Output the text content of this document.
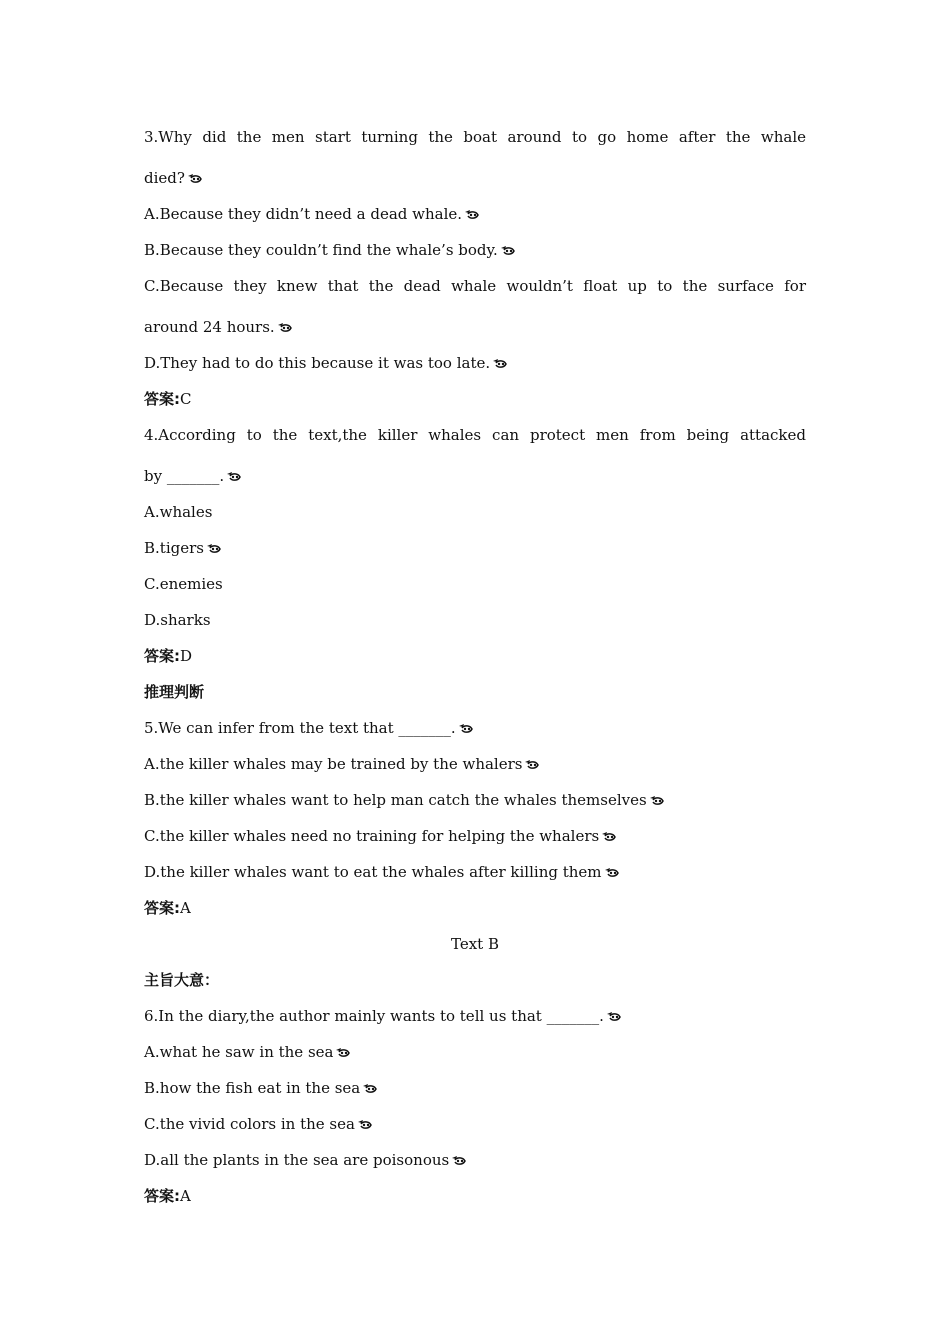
3.Why did the men start turning the boat around to go home after the whale
died?
A.Because they didn’t need a dead whale.
B.Because they couldn’t find the whale’s body.
C.Because they knew that the dead whale wouldn’t float up to the surface for
around 24 hours.
D.They had to do this because it was too late.
答案:C
4.According to the text,the killer whales can protect men from being attacked
by _______.
A.whales
B.tigers
C.enemies
D.sharks
答案:D
推理判断
5.We can infer from the text that _______.
A.the killer whales may be trained by the whalers
B.the killer whales want to help man catch the whales themselves
C.the killer whales need no training for helping the whalers
D.the killer whales want to eat the whales after killing them
答案:A
Text B
主旨大意：
6.In the diary,the author mainly wants to tell us that _______.
A.what he saw in the sea
B.how the fish eat in the sea
C.the vivid colors in the sea
D.all the plants in the sea are poisonous
答案:A
